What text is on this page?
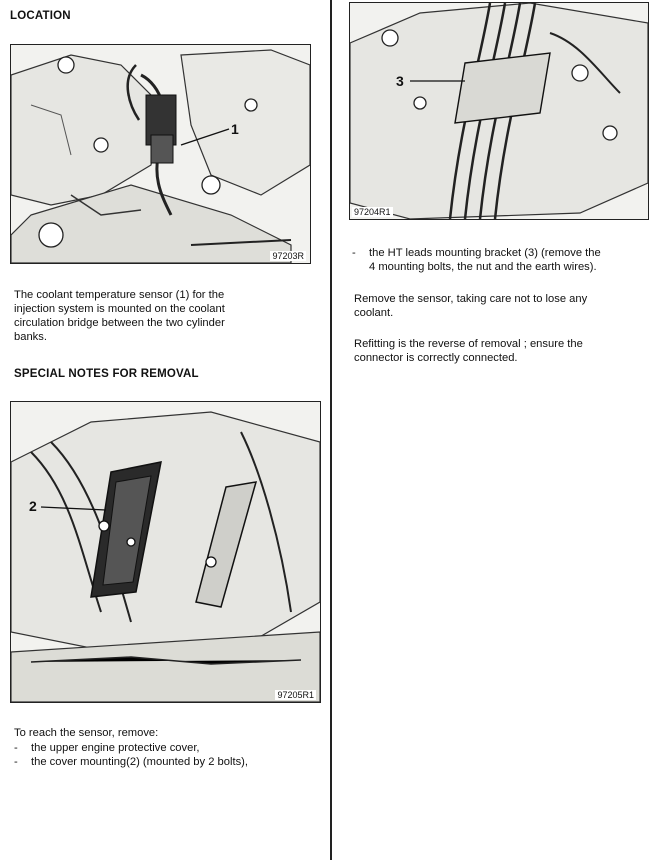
LOCATION
1
97203R
The coolant temperature sensor (1) for the
injection system is mounted on the coolant
circulation bridge between the two cylinder
banks.
SPECIAL NOTES FOR REMOVAL
2
97205R1
To reach the sensor, remove:
- the upper engine protective cover,
- the cover mounting(2) (mounted by 2 bolts),
3
97204R1
- the HT leads mounting bracket (3) (remove the
4 mounting bolts, the nut and the earth wires).
Remove the sensor, taking care not to lose any
coolant.
Refitting is the reverse of removal ; ensure the
connector is correctly connected.
